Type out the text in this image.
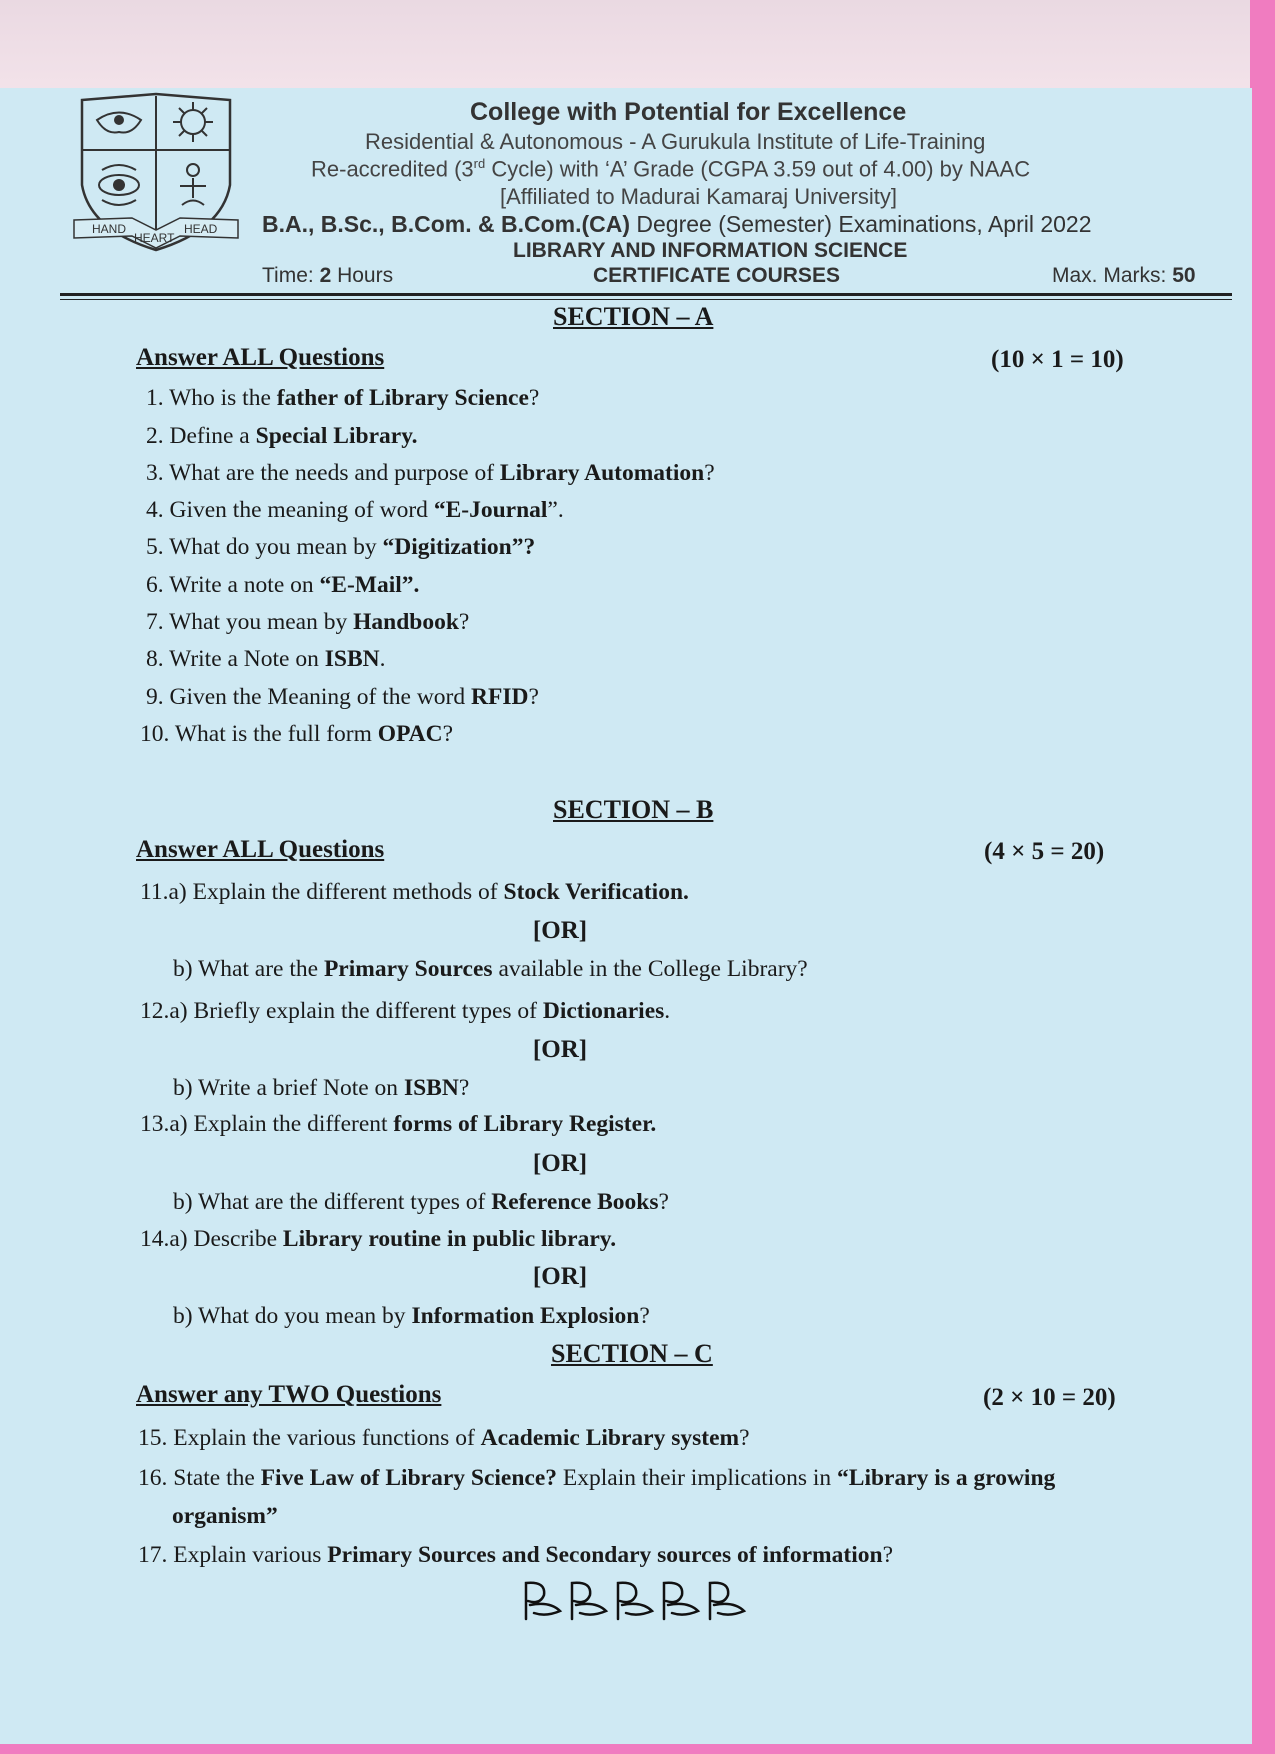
HAND
HEART
HEAD
College with Potential for Excellence
Residential & Autonomous - A Gurukula Institute of Life-Training
Re-accredited (3rd Cycle) with ‘A’ Grade (CGPA 3.59 out of 4.00) by NAAC
[Affiliated to Madurai Kamaraj University]
B.A., B.Sc., B.Com. & B.Com.(CA) Degree (Semester) Examinations, April 2022
LIBRARY AND INFORMATION SCIENCE
Time: 2 Hours	CERTIFICATE COURSES	Max. Marks: 50
SECTION – A
Answer ALL Questions	(10 × 1 = 10)
SECTION – B
Answer ALL Questions	(4 × 5 = 20)
SECTION – C
Answer any TWO Questions	(2 × 10 = 20)
1. Who is the father of Library Science?
2. Define a Special Library.
3. What are the needs and purpose of Library Automation?
4. Given the meaning of word “E-Journal”.
5. What do you mean by “Digitization”?
6. Write a note on “E-Mail”.
7. What you mean by Handbook?
8. Write a Note on ISBN.
9. Given the Meaning of the word RFID?
10. What is the full form OPAC?
11.a) Explain the different methods of Stock Verification.
[OR]
b) What are the Primary Sources available in the College Library?
12.a) Briefly explain the different types of Dictionaries.
[OR]
b) Write a brief Note on ISBN?
13.a) Explain the different forms of Library Register.
[OR]
b) What are the different types of Reference Books?
14.a) Describe Library routine in public library.
[OR]
b) What do you mean by Information Explosion?
15. Explain the various functions of Academic Library system?
16. State the Five Law of Library Science? Explain their implications in “Library is a growing
organism”
17. Explain various Primary Sources and Secondary sources of information?
